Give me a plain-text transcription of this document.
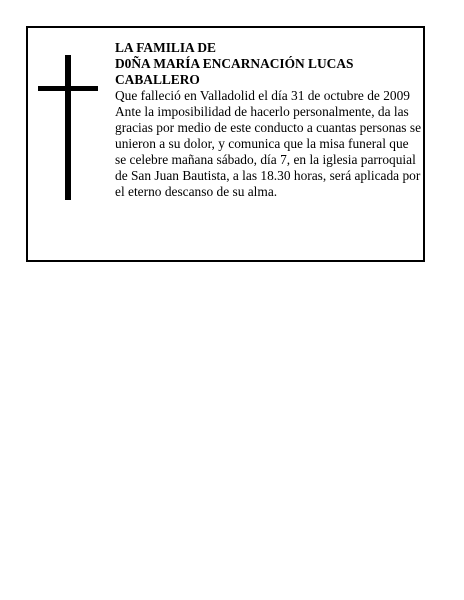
LA FAMILIA DE

D0ÑA MARÍA ENCARNACIÓN LUCAS

CABALLERO

Que falleció en Valladolid el día 31 de octubre de 2009

Ante la imposibilidad de hacerlo personalmente, da las gracias por medio de este conducto a cuantas personas se unieron a su dolor, y comunica que la misa funeral que se celebre mañana sábado, día 7, en la iglesia parroquial de San Juan Bautista, a las 18.30 horas, será aplicada por el eterno descanso de su alma.
